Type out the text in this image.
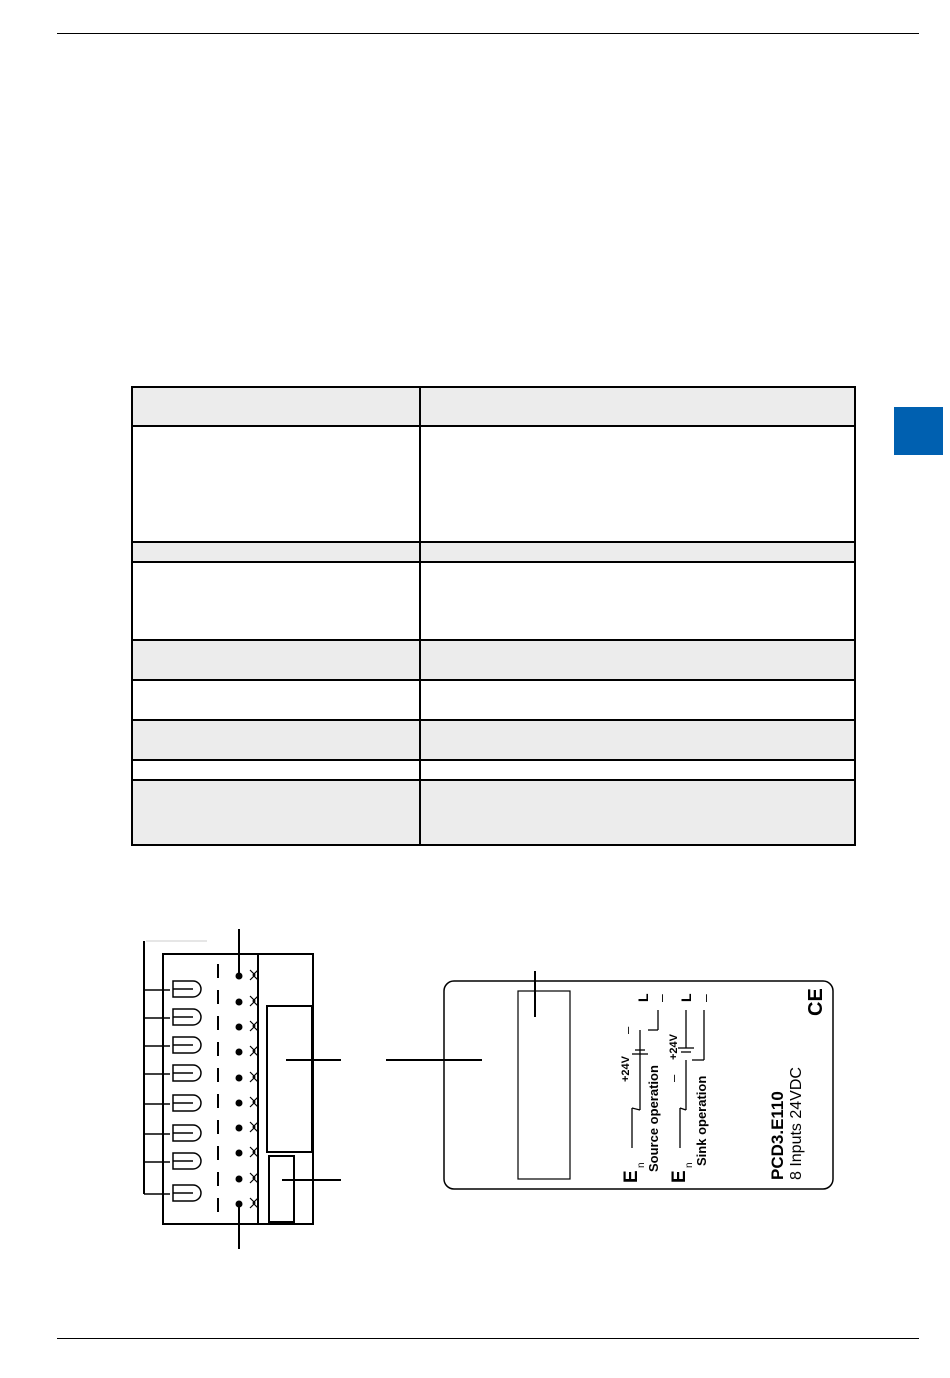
PCD3.E110 8 Inputs 24VDC
Source operation	Sink operation
+24V
+24V
–
–
L – L –
E
n
E
n
CE
